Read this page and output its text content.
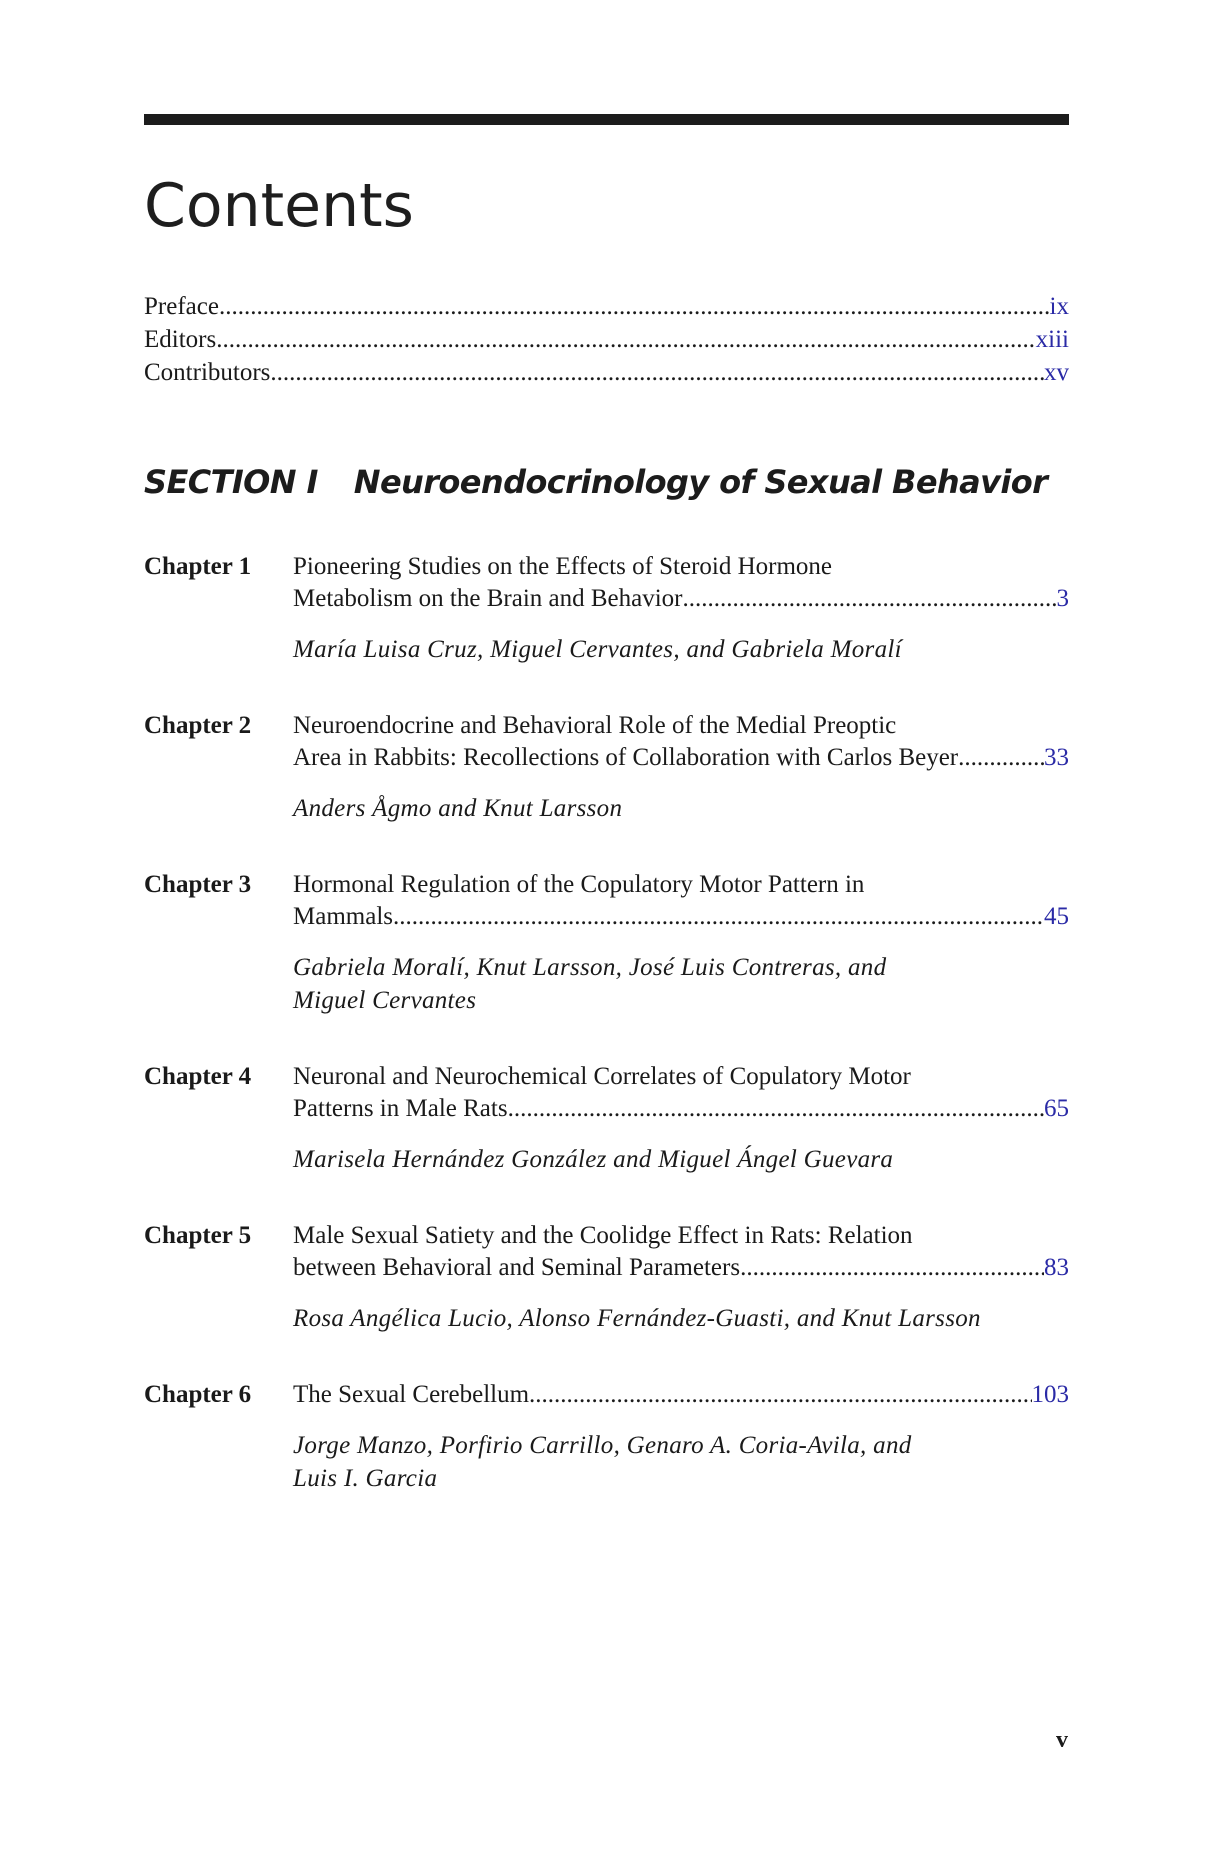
Contents
Preface .....	ix
Editors .....	xiii
Contributors .....	xv
SECTION I Neuroendocrinology of Sexual Behavior
Chapter 1 Pioneering Studies on the Effects of Steroid Hormone
Metabolism on the Brain and Behavior .....	3
María Luisa Cruz, Miguel Cervantes, and Gabriela Moralí
Chapter 2 Neuroendocrine and Behavioral Role of the Medial Preoptic
Area in Rabbits: Recollections of Collaboration with Carlos Beyer .....	33
Anders Ågmo and Knut Larsson
Chapter 3 Hormonal Regulation of the Copulatory Motor Pattern in
Mammals .....	45
Gabriela Moralí, Knut Larsson, José Luis Contreras, and
Miguel Cervantes
Chapter 4 Neuronal and Neurochemical Correlates of Copulatory Motor
Patterns in Male Rats .....	65
Marisela Hernández González and Miguel Ángel Guevara
Chapter 5 Male Sexual Satiety and the Coolidge Effect in Rats: Relation
between Behavioral and Seminal Parameters .....	83
Rosa Angélica Lucio, Alonso Fernández-Guasti, and Knut Larsson
Chapter 6 The Sexual Cerebellum .....	103
Jorge Manzo, Porfirio Carrillo, Genaro A. Coria-Avila, and
Luis I. Garcia
v
